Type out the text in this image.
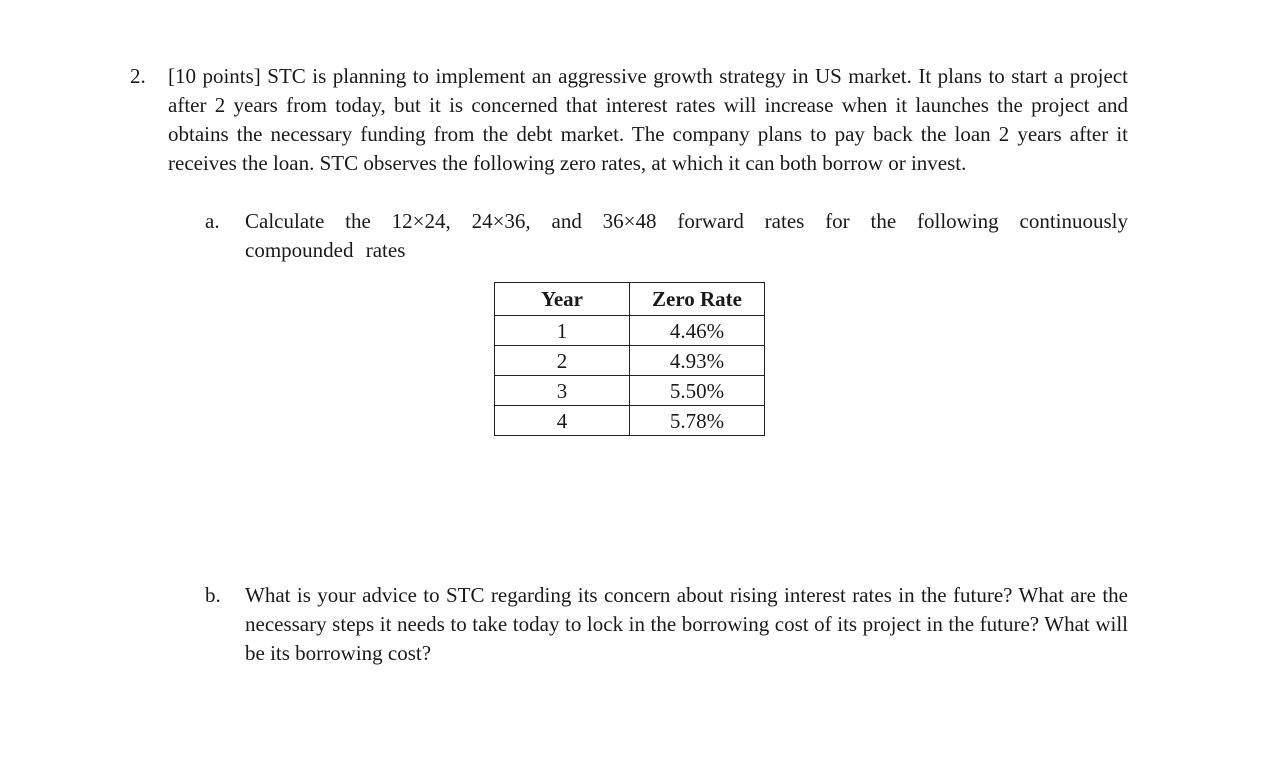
2. [10 points] STC is planning to implement an aggressive growth strategy in US market. It plans to start a project after 2 years from today, but it is concerned that interest rates will increase when it launches the project and obtains the necessary funding from the debt market. The company plans to pay back the loan 2 years after it receives the loan. STC observes the following zero rates, at which it can both borrow or invest.
a. Calculate the 12×24, 24×36, and 36×48 forward rates for the following continuously compounded rates
Year	Zero Rate
1	4.46%
2	4.93%
3	5.50%
4	5.78%
b. What is your advice to STC regarding its concern about rising interest rates in the future? What are the necessary steps it needs to take today to lock in the borrowing cost of its project in the future? What will be its borrowing cost?
